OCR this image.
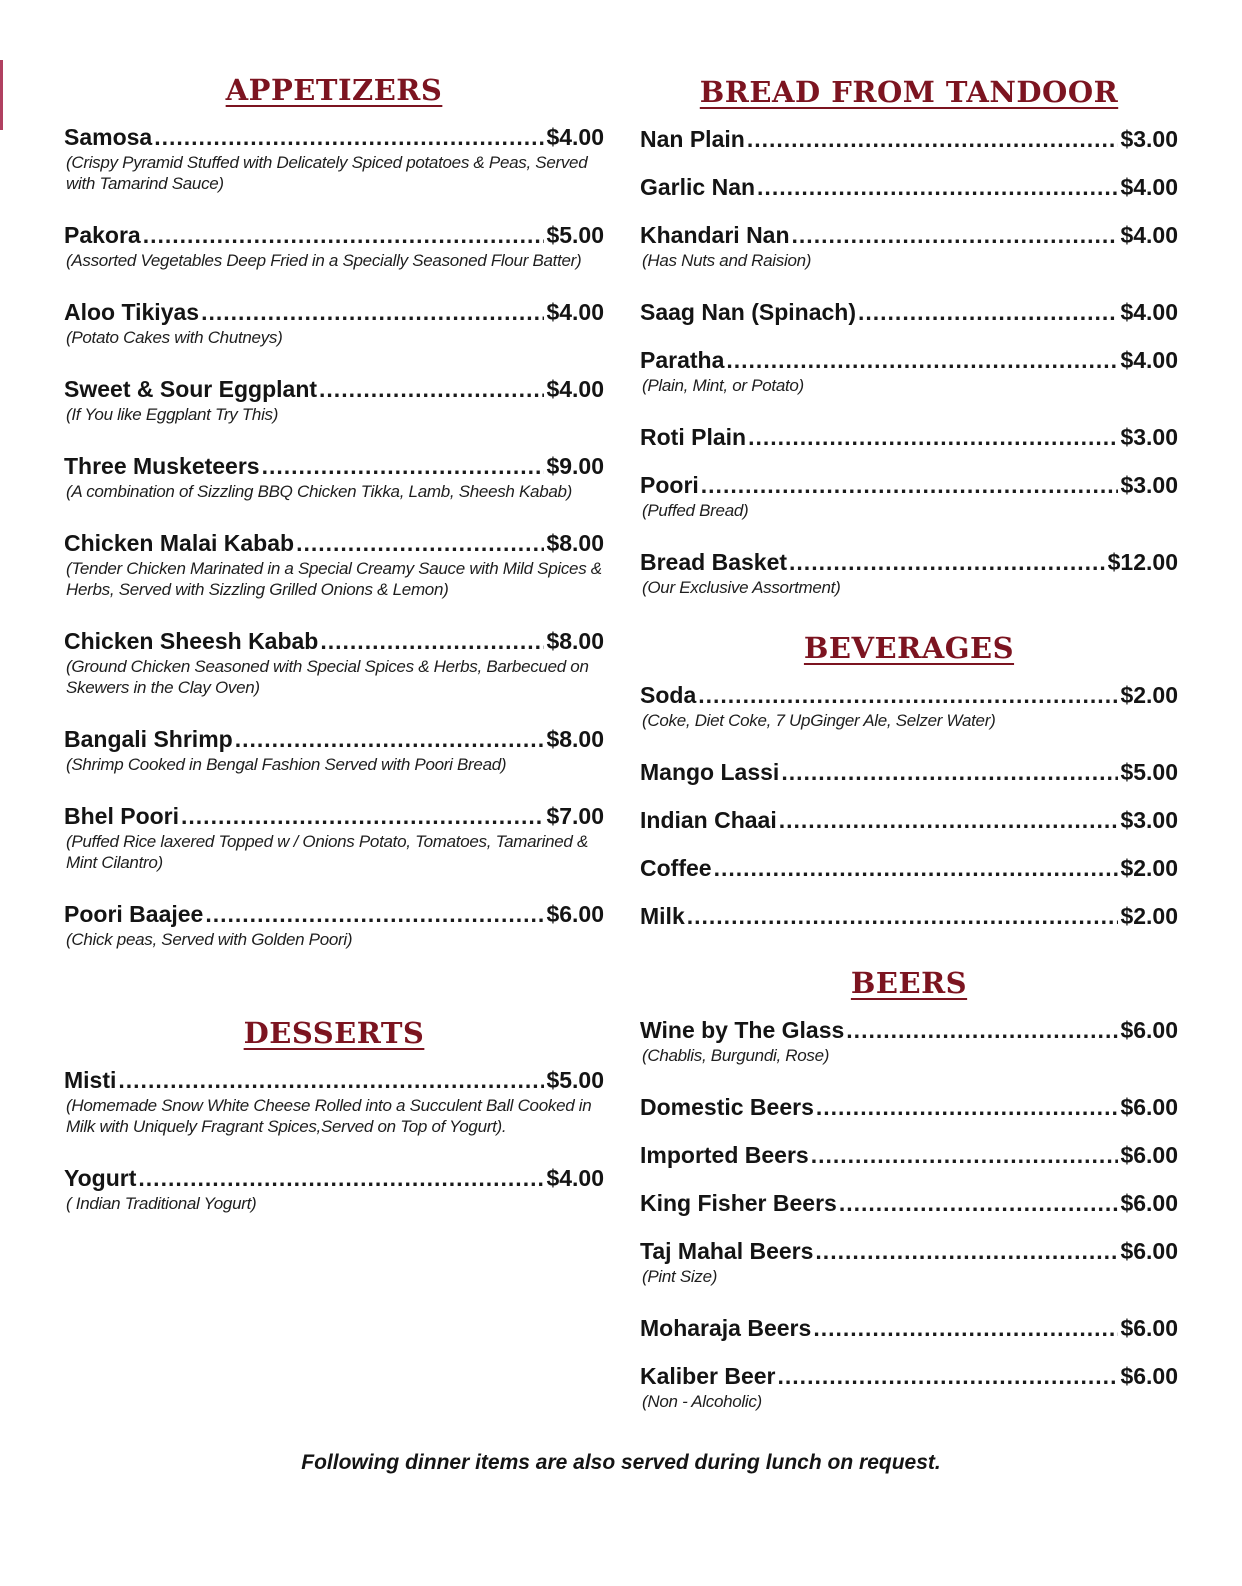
APPETIZERS
Samosa .....	$4.00
(Crispy Pyramid Stuffed with Delicately Spiced potatoes & Peas, Served with Tamarind Sauce)
Pakora .....	$5.00
(Assorted Vegetables Deep Fried in a Specially Seasoned Flour Batter)
Aloo Tikiyas .....	$4.00
(Potato Cakes with Chutneys)
Sweet & Sour Eggplant .....	$4.00
(If You like Eggplant Try This)
Three Musketeers .....	$9.00
(A combination of Sizzling BBQ Chicken Tikka, Lamb, Sheesh Kabab)
Chicken Malai Kabab .....	$8.00
(Tender Chicken Marinated in a Special Creamy Sauce with Mild Spices & Herbs, Served with Sizzling Grilled Onions & Lemon)
Chicken Sheesh Kabab .....	$8.00
(Ground Chicken Seasoned with Special Spices & Herbs, Barbecued on Skewers in the Clay Oven)
Bangali Shrimp .....	$8.00
(Shrimp Cooked in Bengal Fashion Served with Poori Bread)
Bhel Poori .....	$7.00
(Puffed Rice laxered Topped w / Onions Potato, Tomatoes, Tamarined & Mint Cilantro)
Poori Baajee .....	$6.00
(Chick peas, Served with Golden Poori)
DESSERTS
Misti .....	$5.00
(Homemade Snow White Cheese Rolled into a Succulent Ball Cooked in Milk with Uniquely Fragrant Spices,Served on Top of Yogurt).
Yogurt .....	$4.00
( Indian Traditional Yogurt)
BREAD FROM TANDOOR
Nan Plain .....	$3.00
Garlic Nan .....	$4.00
Khandari Nan .....	$4.00
(Has Nuts and Raision)
Saag Nan (Spinach) .....	$4.00
Paratha .....	$4.00
(Plain, Mint, or Potato)
Roti Plain .....	$3.00
Poori .....	$3.00
(Puffed Bread)
Bread Basket .....	$12.00
(Our Exclusive Assortment)
BEVERAGES
Soda .....	$2.00
(Coke, Diet Coke, 7 UpGinger Ale, Selzer Water)
Mango Lassi .....	$5.00
Indian Chaai .....	$3.00
Coffee .....	$2.00
Milk .....	$2.00
BEERS
Wine by The Glass .....	$6.00
(Chablis, Burgundi, Rose)
Domestic Beers .....	$6.00
Imported Beers .....	$6.00
King Fisher Beers .....	$6.00
Taj Mahal Beers .....	$6.00
(Pint Size)
Moharaja Beers .....	$6.00
Kaliber Beer .....	$6.00
(Non - Alcoholic)
Following dinner items are also served during lunch on request.
